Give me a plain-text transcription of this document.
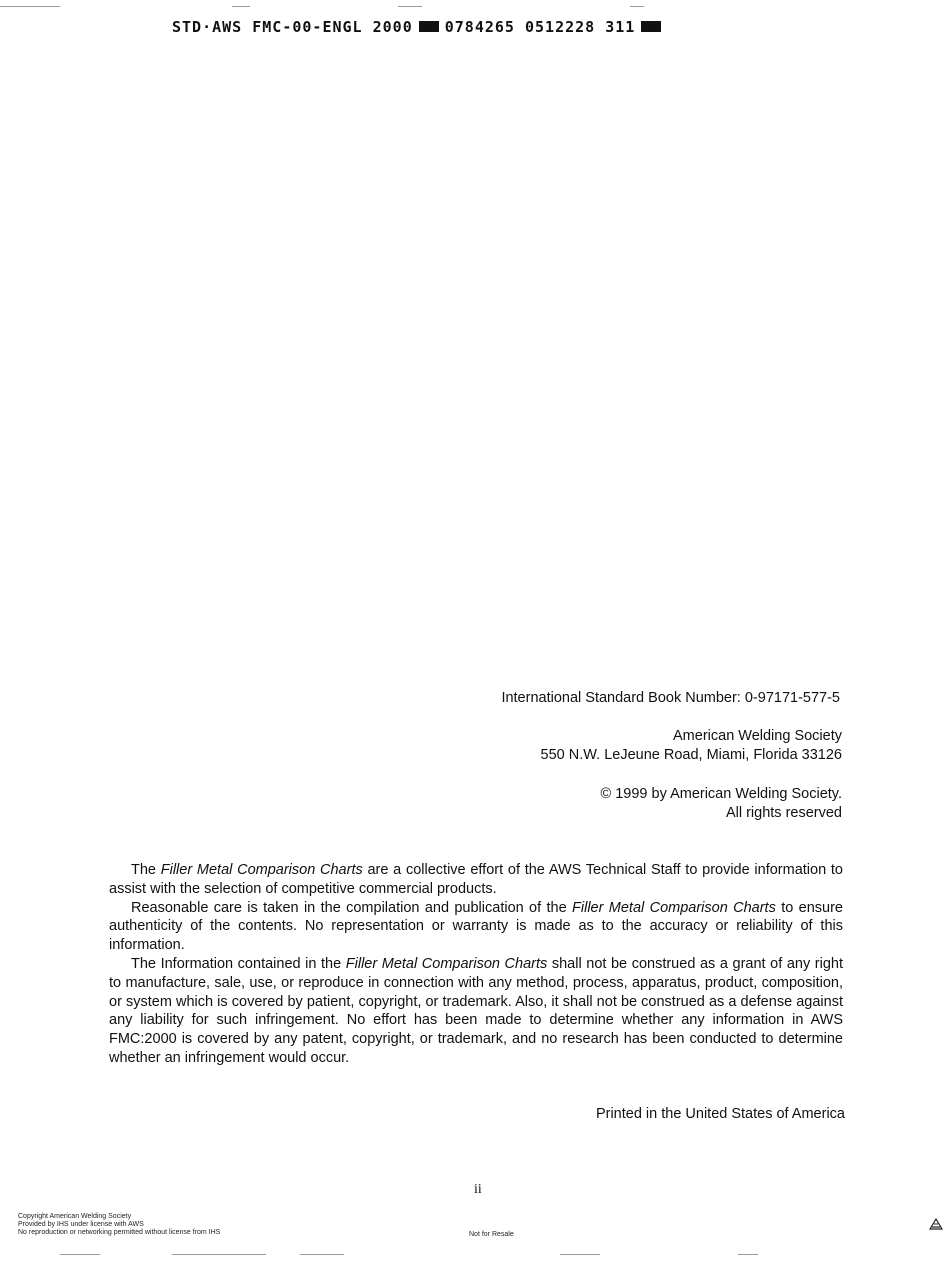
STD·AWS FMC-00-ENGL 2000 0784265 0512228 311
International Standard Book Number: 0-97171-577-5
American Welding Society
550 N.W. LeJeune Road, Miami, Florida 33126
© 1999 by American Welding Society.
All rights reserved

The Filler Metal Comparison Charts are a collective effort of the AWS Technical Staff to provide information to assist with the selection of competitive commercial products.

Reasonable care is taken in the compilation and publication of the Filler Metal Comparison Charts to ensure authenticity of the contents. No representation or warranty is made as to the accuracy or reliability of this information.

The Information contained in the Filler Metal Comparison Charts shall not be construed as a grant of any right to manufacture, sale, use, or reproduce in connection with any method, process, apparatus, product, composition, or system which is covered by patient, copyright, or trademark. Also, it shall not be construed as a defense against any liability for such infringement. No effort has been made to determine whether any information in AWS FMC:2000 is covered by any patent, copyright, or trademark, and no research has been conducted to determine whether an infringement would occur.

Printed in the United States of America
ii
Copyright American Welding Society
Provided by IHS under license with AWS
No reproduction or networking permitted without license from IHS	Not for Resale
